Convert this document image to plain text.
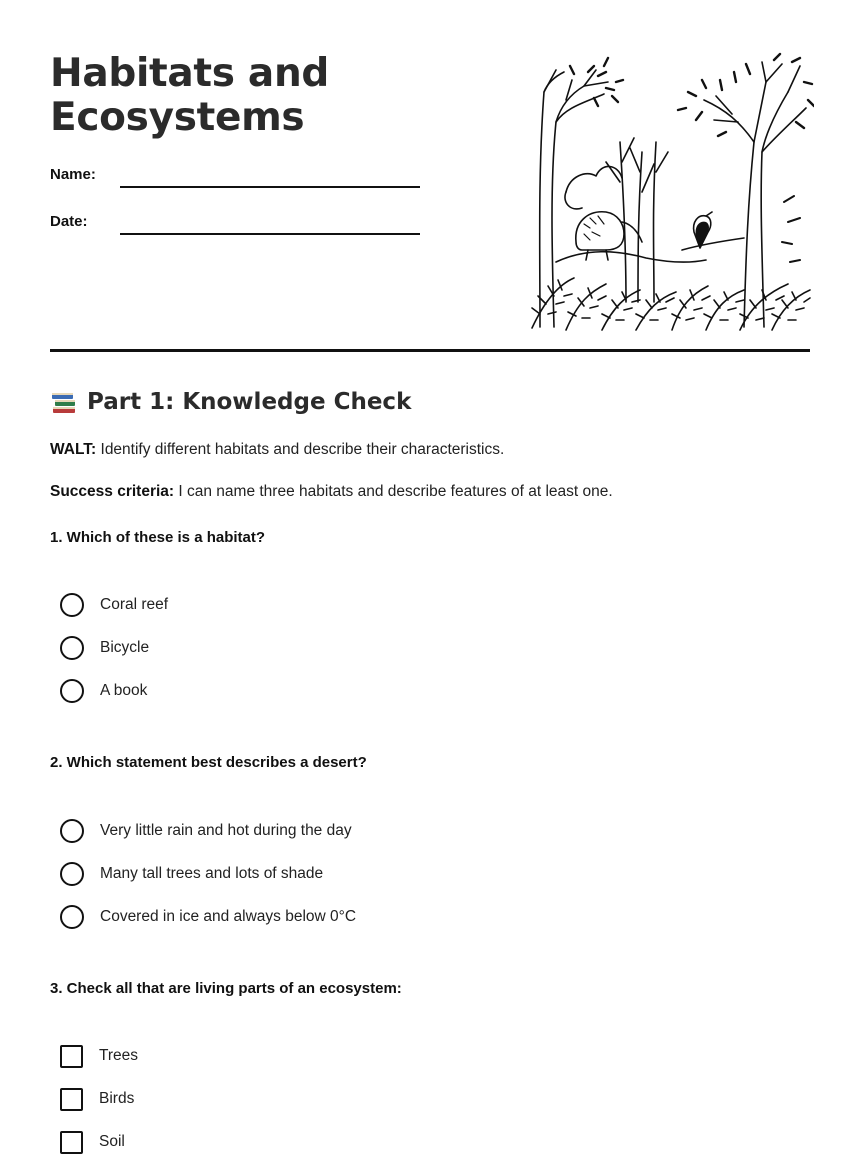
Habitats and
Ecosystems
Name:
Date:
Part 1: Knowledge Check

WALT: Identify different habitats and describe their characteristics.

Success criteria: I can name three habitats and describe features of at least one.

1. Which of these is a habitat?

Coral reef
Bicycle
A book

2. Which statement best describes a desert?

Very little rain and hot during the day
Many tall trees and lots of shade
Covered in ice and always below 0°C

3. Check all that are living parts of an ecosystem:

Trees
Birds
Soil
